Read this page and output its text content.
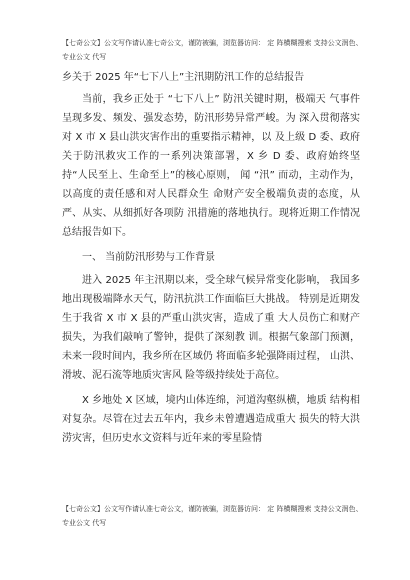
【七奇公文】公文写作请认准七奇公文，谨防被骗，浏览器访问： 定 阵横糊搜索 支持公文润色、专业公文 代写
乡关于 2025 年“七下八上”主汛期防汛工作的总结报告

当前，我乡正处于 “七下八上” 防汛关键时期，极端天 气事件呈现多发、频发、强发态势，防汛形势异常严峻。为 深入贯彻落实对 X 市 X 县山洪灾害作出的重要指示精神，以 及上级 D 委、政府关于防汛救灾工作的一系列决策部署，X 乡 D 委、政府始终坚持“人民至上、生命至上”的核心原则， 闻 “汛” 而动，主动作为，以高度的责任感和对人民群众生 命财产安全极端负责的态度，从严、从实、从细抓好各项防 汛措施的落地执行。现将近期工作情况总结报告如下。

一、 当前防汛形势与工作背景

进入 2025 年主汛期以来，受全球气候异常变化影响， 我国多地出现极端降水天气，防汛抗洪工作面临巨大挑战。 特别是近期发生于我省 X 市 X 县的严重山洪灾害，造成了重 大人员伤亡和财产损失，为我们敲响了警钟，提供了深刻教 训。根据气象部门预测，未来一段时间内，我乡所在区域仍 将面临多轮强降雨过程， 山洪、滑坡、泥石流等地质灾害风 险等级持续处于高位。

X 乡地处 X 区域，境内山体连绵，河道沟壑纵横，地质 结构相对复杂。尽管在过去五年内，我乡未曾遭遇造成重大 损失的特大洪涝灾害，但历史水文资料与近年来的零星险情

【七奇公文】公文写作请认准七奇公文，谨防被骗，浏览器访问： 定 阵横糊搜索 支持公文润色、专业公文 代写
